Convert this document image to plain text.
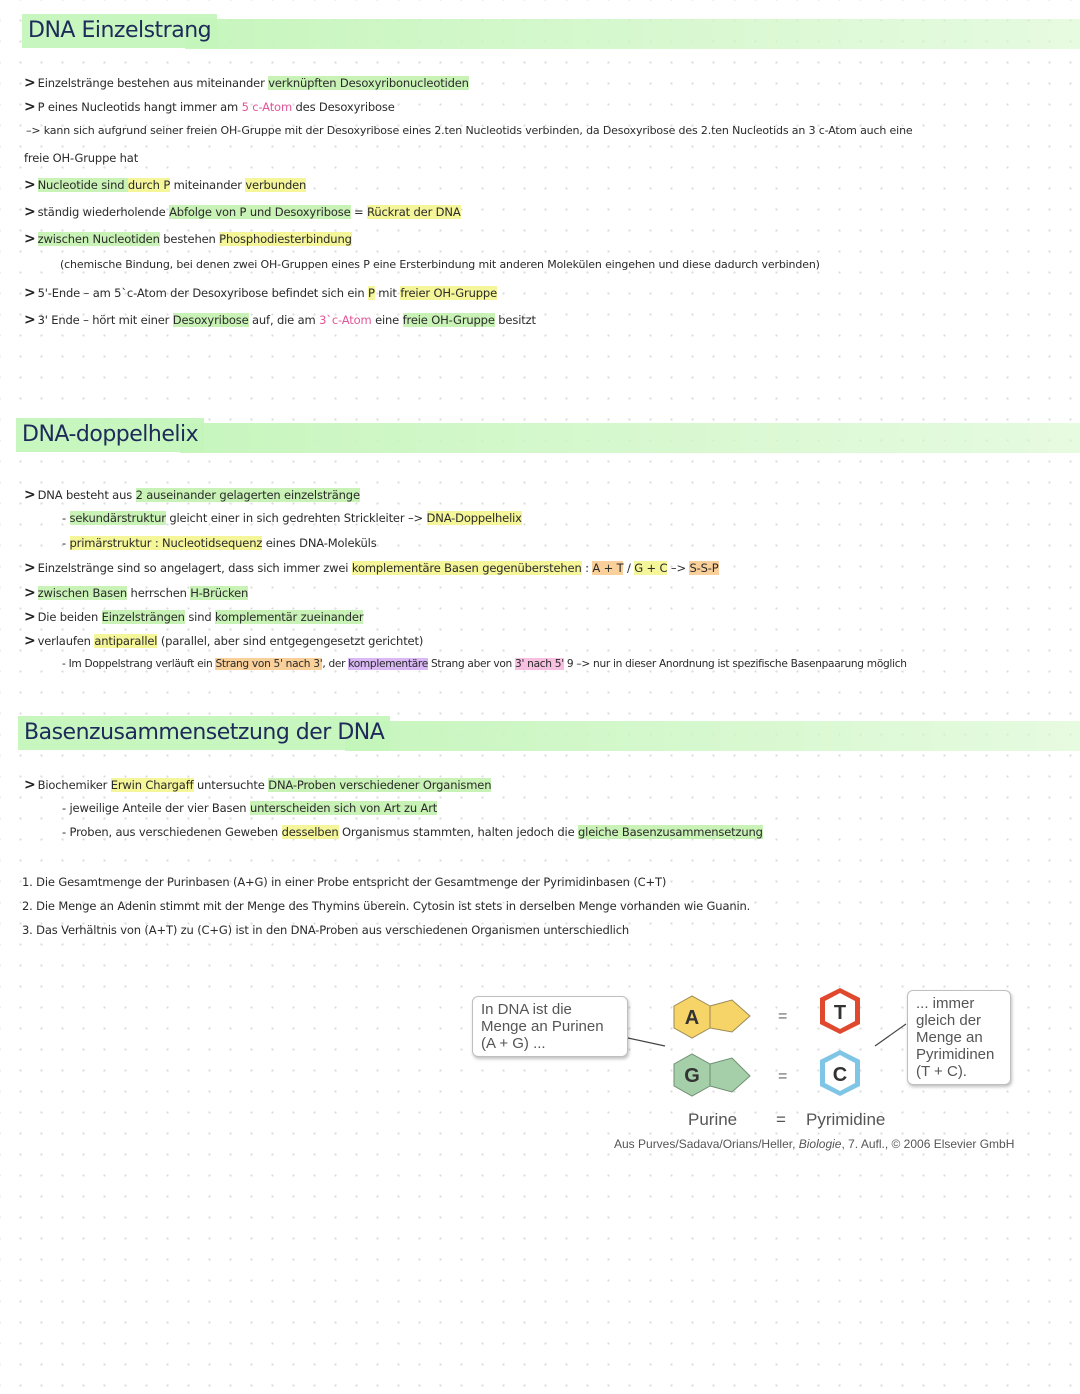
DNA Einzelstrang
> Einzelstränge bestehen aus miteinander verknüpften Desoxyribonucleotiden
> P eines Nucleotids hangt immer am 5 c-Atom des Desoxyribose
–> kann sich aufgrund seiner freien OH-Gruppe mit der Desoxyribose eines 2.ten Nucleotids verbinden, da Desoxyribose des 2.ten Nucleotids an 3 c-Atom auch eine
freie OH-Gruppe hat
> Nucleotide sind durch P miteinander verbunden
> ständig wiederholende Abfolge von P und Desoxyribose = Rückrat der DNA
> zwischen Nucleotiden bestehen Phosphodiesterbindung
(chemische Bindung, bei denen zwei OH-Gruppen eines P eine Ersterbindung mit anderen Molekülen eingehen und diese dadurch verbinden)
> 5'-Ende – am 5`c-Atom der Desoxyribose befindet sich ein P mit freier OH-Gruppe
> 3' Ende – hört mit einer Desoxyribose auf, die am 3`c-Atom eine freie OH-Gruppe besitzt
DNA-doppelhelix
> DNA besteht aus 2 auseinander gelagerten einzelstränge
- sekundärstruktur gleicht einer in sich gedrehten Strickleiter –> DNA-Doppelhelix
- primärstruktur : Nucleotidsequenz eines DNA-Moleküls
> Einzelstränge sind so angelagert, dass sich immer zwei komplementäre Basen gegenüberstehen : A + T / G + C –> S-S-P
> zwischen Basen herrschen H-Brücken
> Die beiden Einzelsträngen sind komplementär zueinander
> verlaufen antiparallel (parallel, aber sind entgegengesetzt gerichtet)
- Im Doppelstrang verläuft ein Strang von 5' nach 3', der komplementäre Strang aber von 3' nach 5' 9 –> nur in dieser Anordnung ist spezifische Basenpaarung möglich
Basenzusammensetzung der DNA
> Biochemiker Erwin Chargaff untersuchte DNA-Proben verschiedener Organismen
- jeweilige Anteile der vier Basen unterscheiden sich von Art zu Art
- Proben, aus verschiedenen Geweben desselben Organismus stammten, halten jedoch die gleiche Basenzusammensetzung
1. Die Gesamtmenge der Purinbasen (A+G) in einer Probe entspricht der Gesamtmenge der Pyrimidinbasen (C+T)
2. Die Menge an Adenin stimmt mit der Menge des Thymins überein. Cytosin ist stets in derselben Menge vorhanden wie Guanin.
3. Das Verhältnis von (A+T) zu (C+G) ist in den DNA-Proben aus verschiedenen Organismen unterschiedlich
=
=
A
G
T
C
In DNA ist die
Menge an Purinen
(A + G) ...
... immer
gleich der
Menge an
Pyrimidinen
(T + C).
Purine = Pyrimidine
Aus Purves/Sadava/Orians/Heller, Biologie, 7. Aufl., © 2006 Elsevier GmbH
